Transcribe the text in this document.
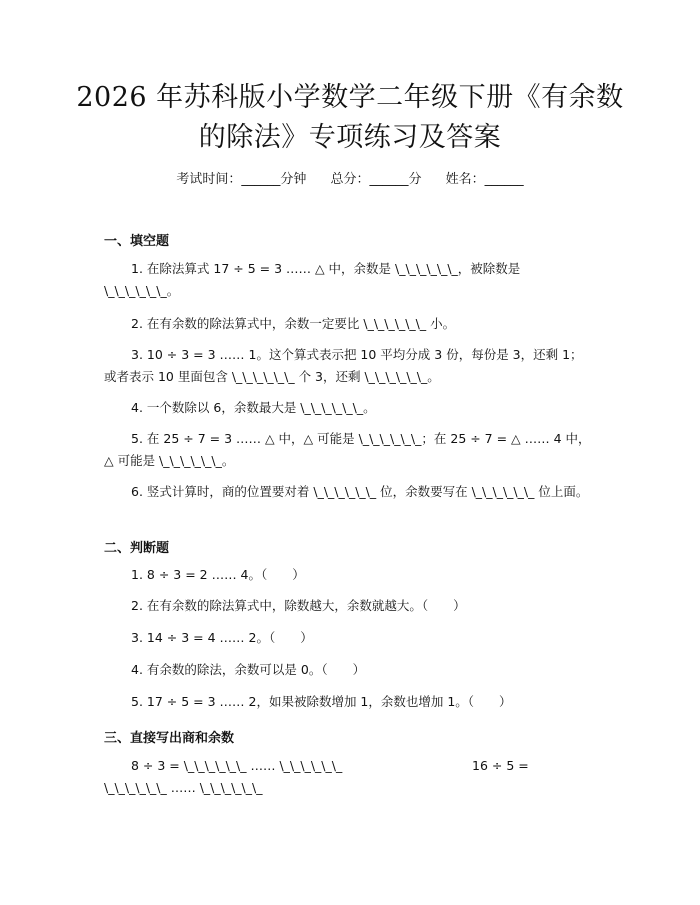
2026 年苏科版小学数学二年级下册《有余数
的除法》专项练习及答案
考试时间：______分钟 总分：______分 姓名：______
一、填空题
1. 在除法算式 17 ÷ 5 = 3 …… △ 中，余数是 \_\_\_\_\_\_，被除数是 \_\_\_\_\_\_。
2. 在有余数的除法算式中，余数一定要比 \_\_\_\_\_\_ 小。
3. 10 ÷ 3 = 3 …… 1。这个算式表示把 10 平均分成 3 份，每份是 3，还剩 1；或者表示 10 里面包含 \_\_\_\_\_\_ 个 3，还剩 \_\_\_\_\_\_。
4. 一个数除以 6，余数最大是 \_\_\_\_\_\_。
5. 在 25 ÷ 7 = 3 …… △ 中，△ 可能是 \_\_\_\_\_\_；在 25 ÷ 7 = △ …… 4 中，△ 可能是 \_\_\_\_\_\_。
6. 竖式计算时，商的位置要对着 \_\_\_\_\_\_ 位，余数要写在 \_\_\_\_\_\_ 位上面。
二、判断题
1. 8 ÷ 3 = 2 …… 4。（　　）
2. 在有余数的除法算式中，除数越大，余数就越大。（　　）
3. 14 ÷ 3 = 4 …… 2。（　　）
4. 有余数的除法，余数可以是 0。（　　）
5. 17 ÷ 5 = 3 …… 2，如果被除数增加 1，余数也增加 1。（　　）
三、直接写出商和余数
8 ÷ 3 = \_\_\_\_\_\_ …… \_\_\_\_\_\_	16 ÷ 5 =
\_\_\_\_\_\_ …… \_\_\_\_\_\_
